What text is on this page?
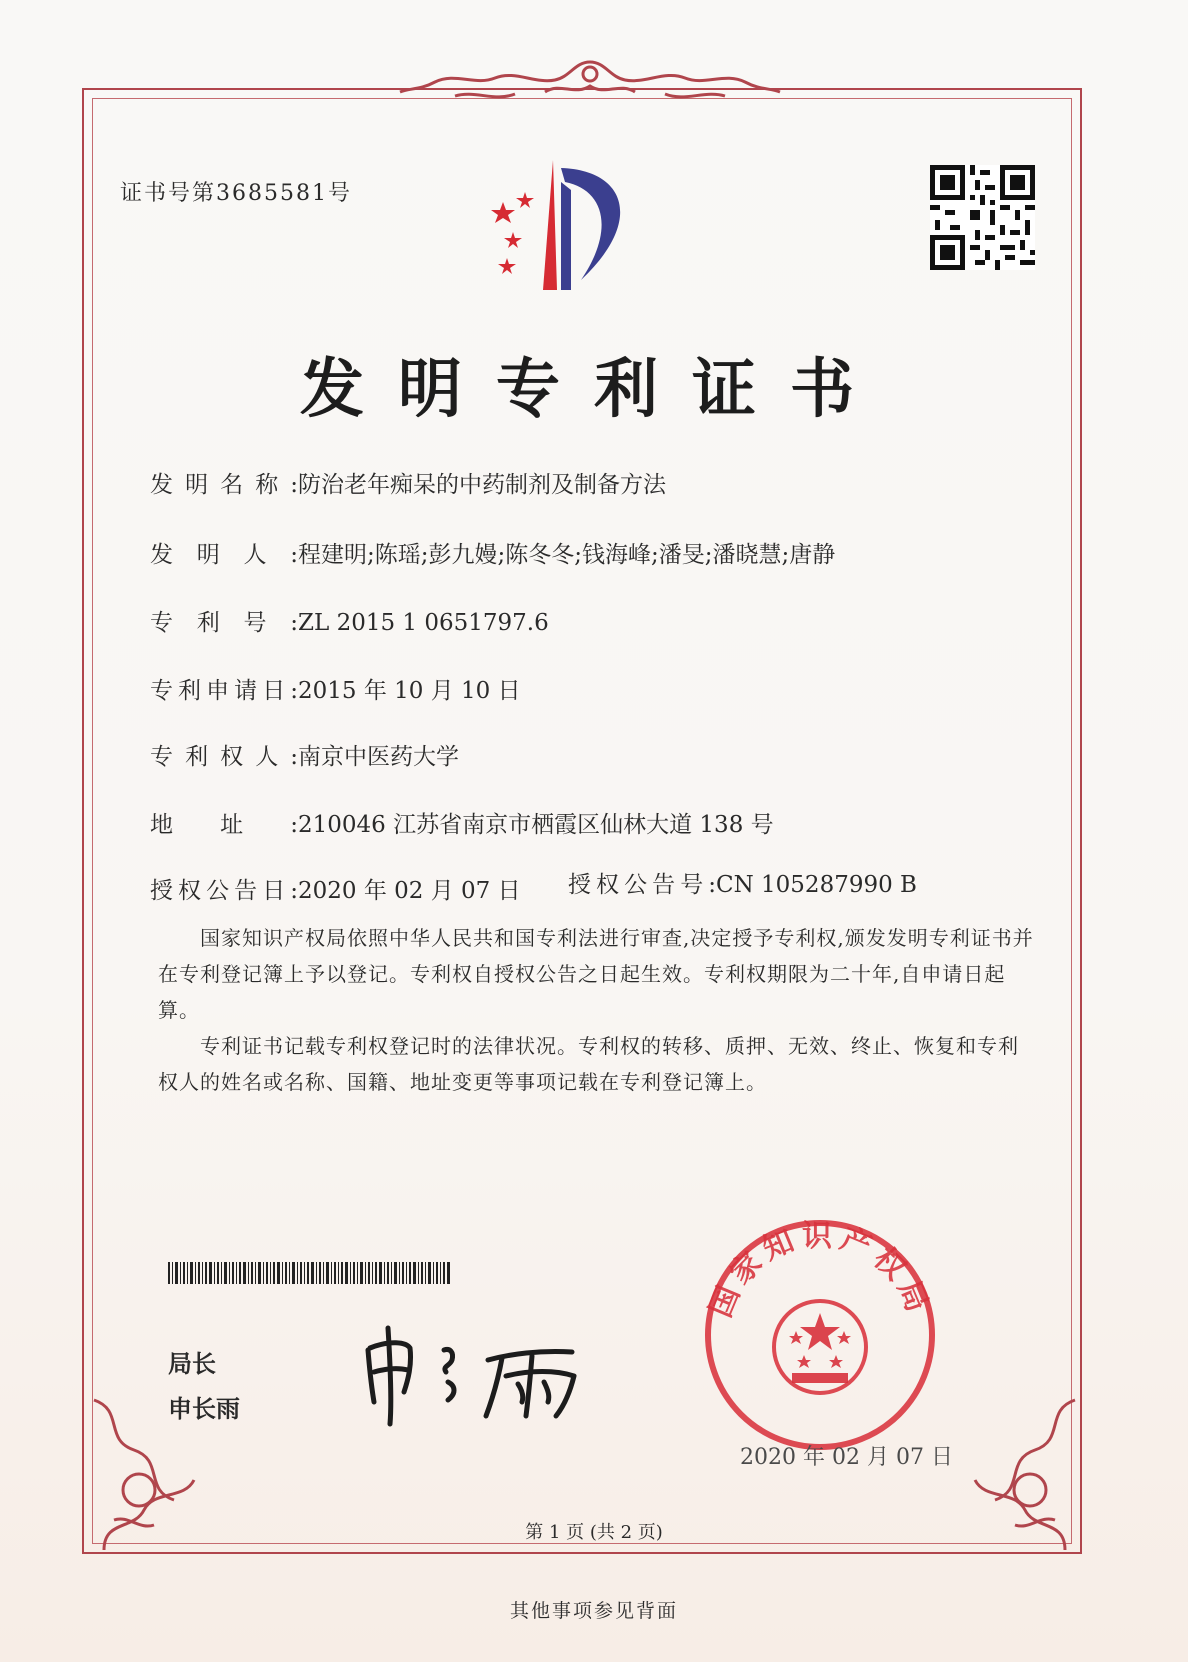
证书号第3685581号
发明专利证书
发明名称:防治老年痴呆的中药制剂及制备方法
发明人:程建明;陈瑶;彭九嫚;陈冬冬;钱海峰;潘旻;潘晓慧;唐静
专利号:ZL 2015 1 0651797.6
专利申请日:2015 年 10 月 10 日
专利权人:南京中医药大学
地址:210046 江苏省南京市栖霞区仙林大道 138 号
授权公告日:2020 年 02 月 07 日 授权公告号:CN 105287990 B
国家知识产权局依照中华人民共和国专利法进行审查,决定授予专利权,颁发发明专利证书并在专利登记簿上予以登记。专利权自授权公告之日起生效。专利权期限为二十年,自申请日起算。
专利证书记载专利权登记时的法律状况。专利权的转移、质押、无效、终止、恢复和专利权人的姓名或名称、国籍、地址变更等事项记载在专利登记簿上。
局长
申长雨
国家知识产权局
2020 年 02 月 07 日
第 1 页 (共 2 页)
其他事项参见背面
